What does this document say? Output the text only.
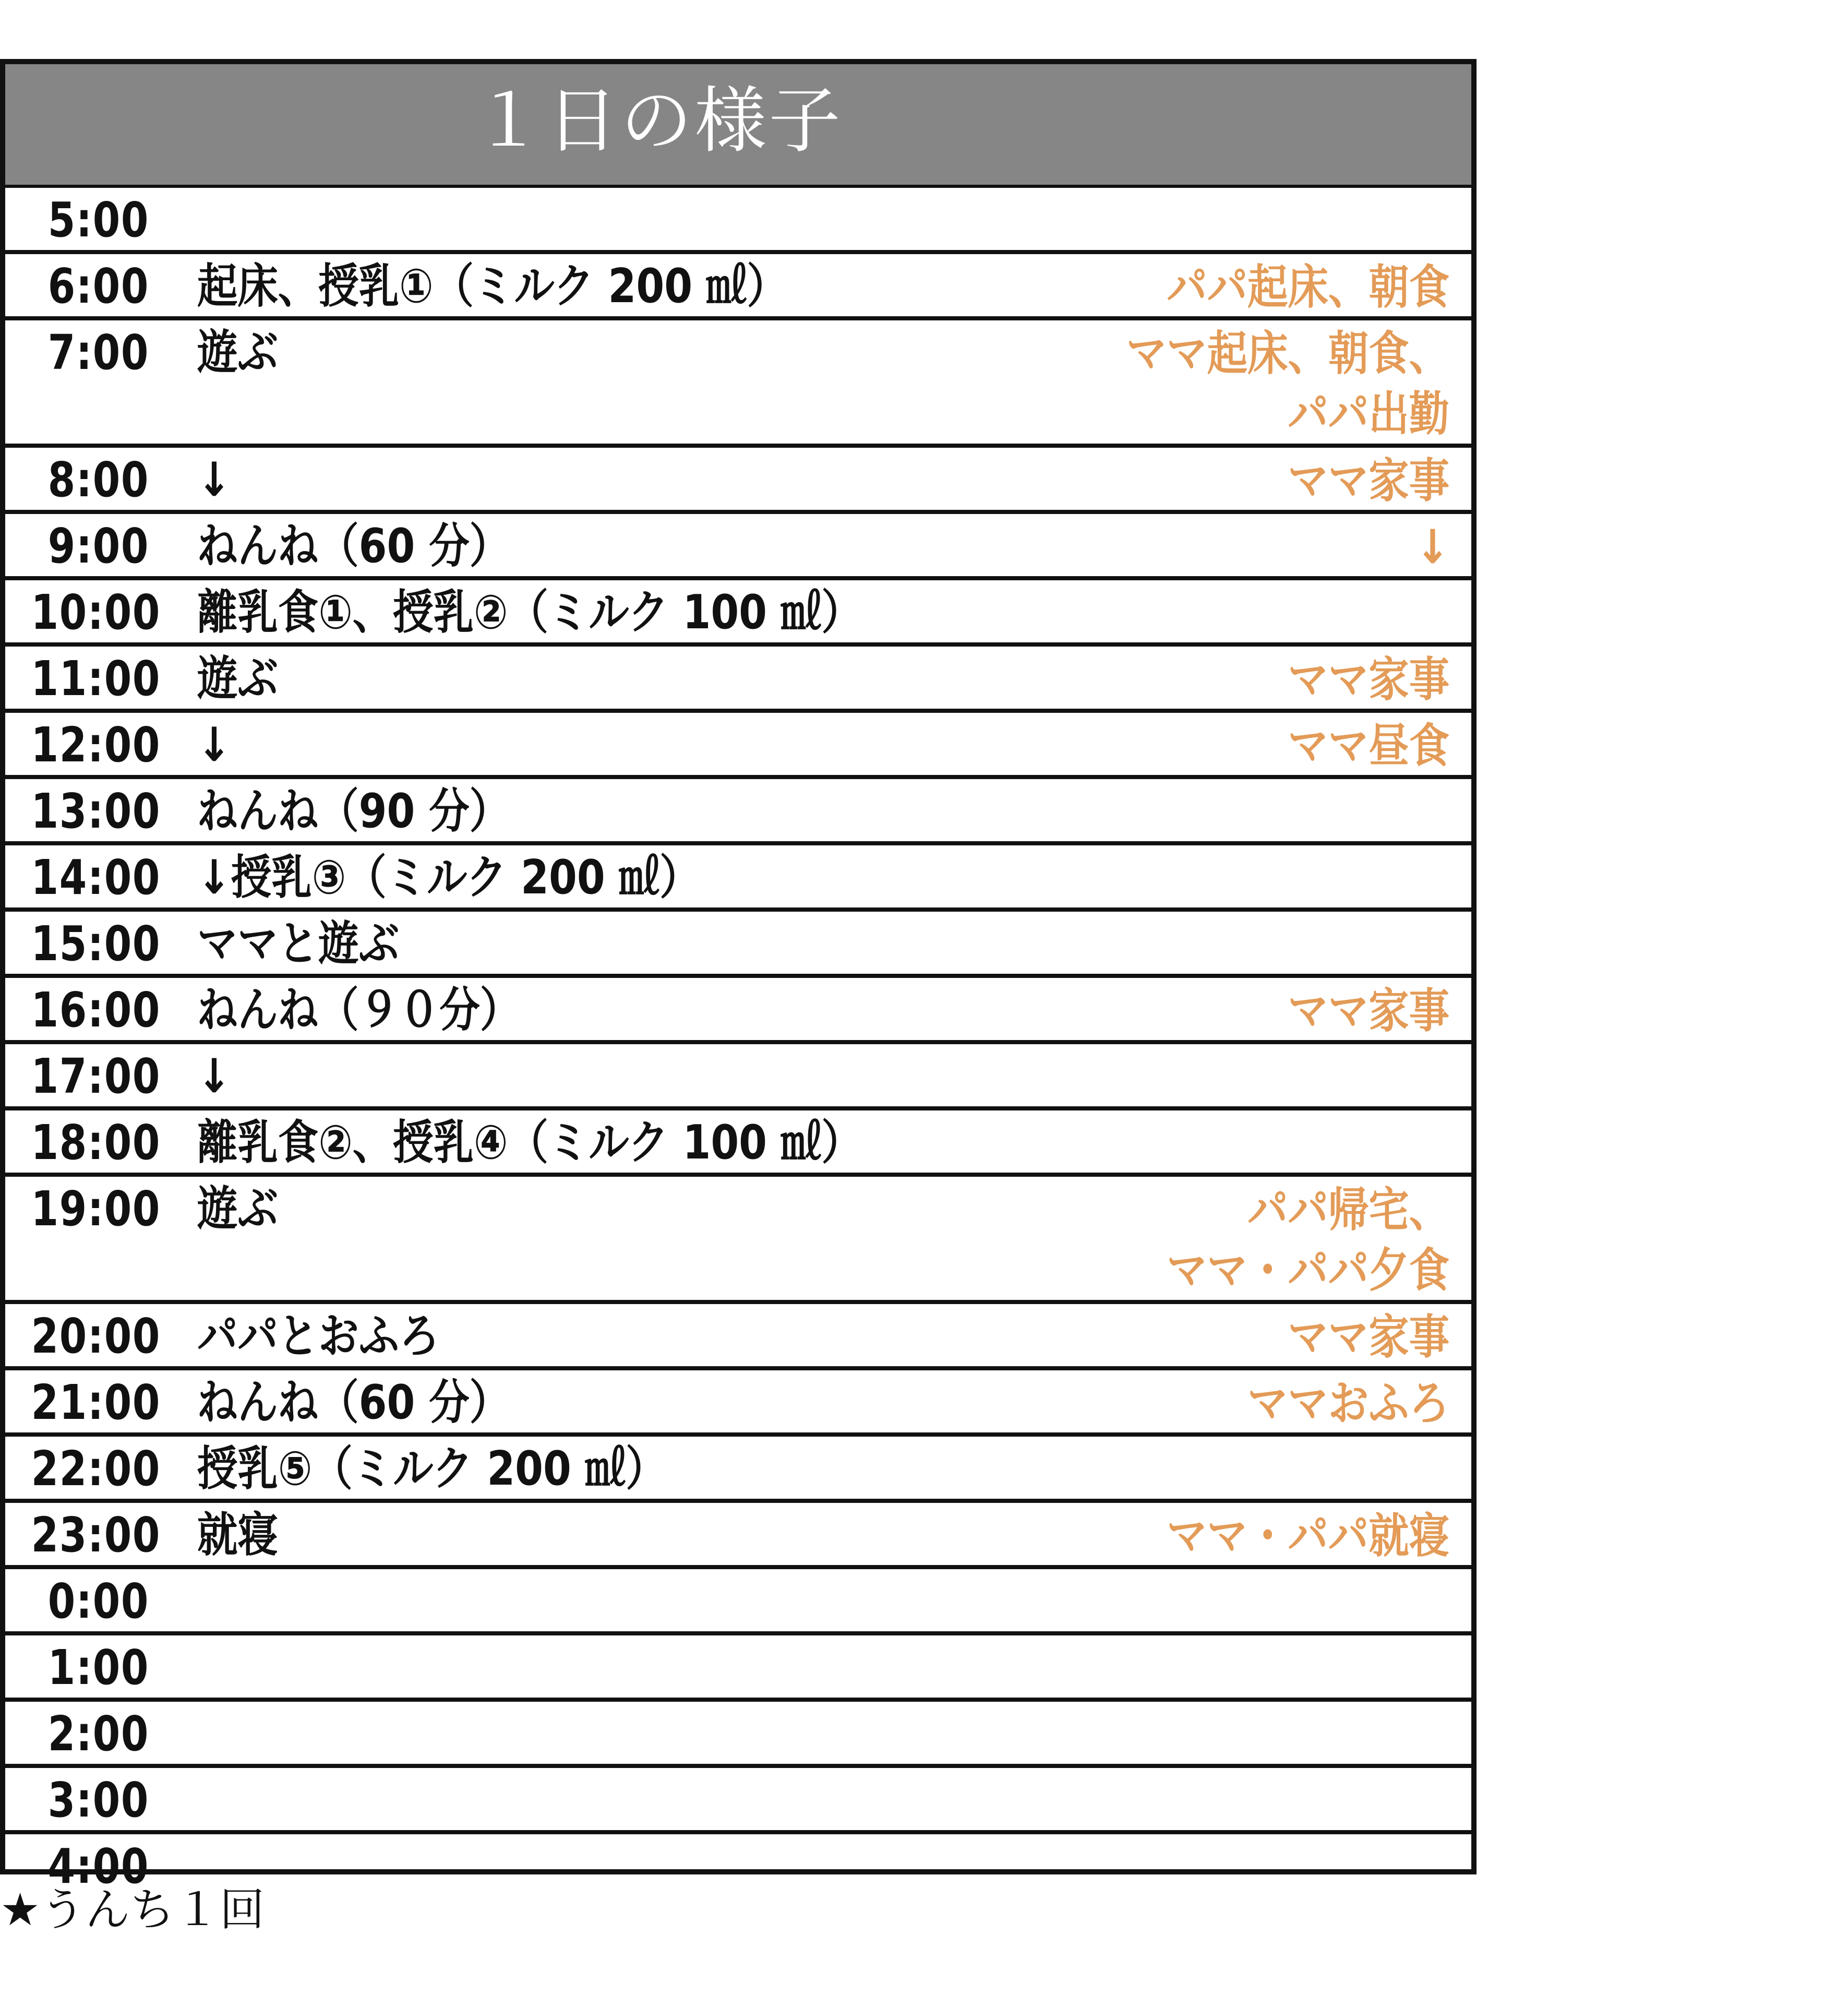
１日の様子
5:00
6:00 起床、授乳①（ミルク 200 ㎖）	パパ起床、朝食
7:00 遊ぶ	ママ起床、朝食、
パパ出勤
8:00 ↓	ママ家事
9:00 ねんね（60 分）	↓　
10:00 離乳食①、授乳②（ミルク 100 ㎖）
11:00 遊ぶ	ママ家事
12:00 ↓	ママ昼食
13:00 ねんね（90 分）
14:00 ↓授乳③（ミルク 200 ㎖）
15:00 ママと遊ぶ
16:00 ねんね（９０分）	ママ家事
17:00 ↓
18:00 離乳食②、授乳④（ミルク 100 ㎖）
19:00 遊ぶ	パパ帰宅、
ママ・パパ夕食
20:00 パパとおふろ	ママ家事
21:00 ねんね（60 分）	ママおふろ
22:00 授乳⑤（ミルク 200 ㎖）
23:00 就寝	ママ・パパ就寝
0:00
1:00
2:00
3:00
4:00
★うんち１回
